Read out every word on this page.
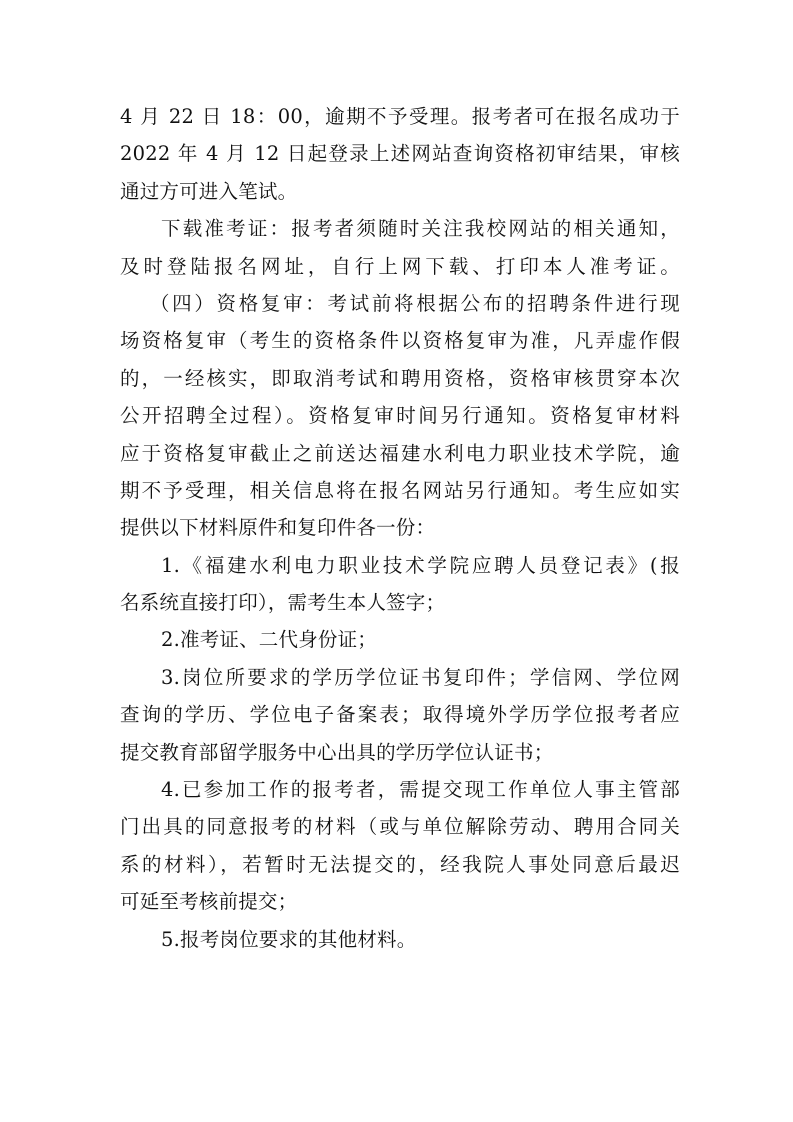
4 月 22 日 18：00，逾期不予受理。报考者可在报名成功于
2022 年 4 月 12 日起登录上述网站查询资格初审结果，审核
通过方可进入笔试。
下载准考证：报考者须随时关注我校网站的相关通知，
及时登陆报名网址，自行上网下载、打印本人准考证。
（四）资格复审：考试前将根据公布的招聘条件进行现
场资格复审（考生的资格条件以资格复审为准，凡弄虚作假
的，一经核实，即取消考试和聘用资格，资格审核贯穿本次
公开招聘全过程）。资格复审时间另行通知。资格复审材料
应于资格复审截止之前送达福建水利电力职业技术学院，逾
期不予受理，相关信息将在报名网站另行通知。考生应如实
提供以下材料原件和复印件各一份：
1.《福建水利电力职业技术学院应聘人员登记表》(报
名系统直接打印），需考生本人签字；
2.准考证、二代身份证；
3.岗位所要求的学历学位证书复印件；学信网、学位网
查询的学历、学位电子备案表；取得境外学历学位报考者应
提交教育部留学服务中心出具的学历学位认证书；
4.已参加工作的报考者，需提交现工作单位人事主管部
门出具的同意报考的材料（或与单位解除劳动、聘用合同关
系的材料），若暂时无法提交的，经我院人事处同意后最迟
可延至考核前提交；
5.报考岗位要求的其他材料。
